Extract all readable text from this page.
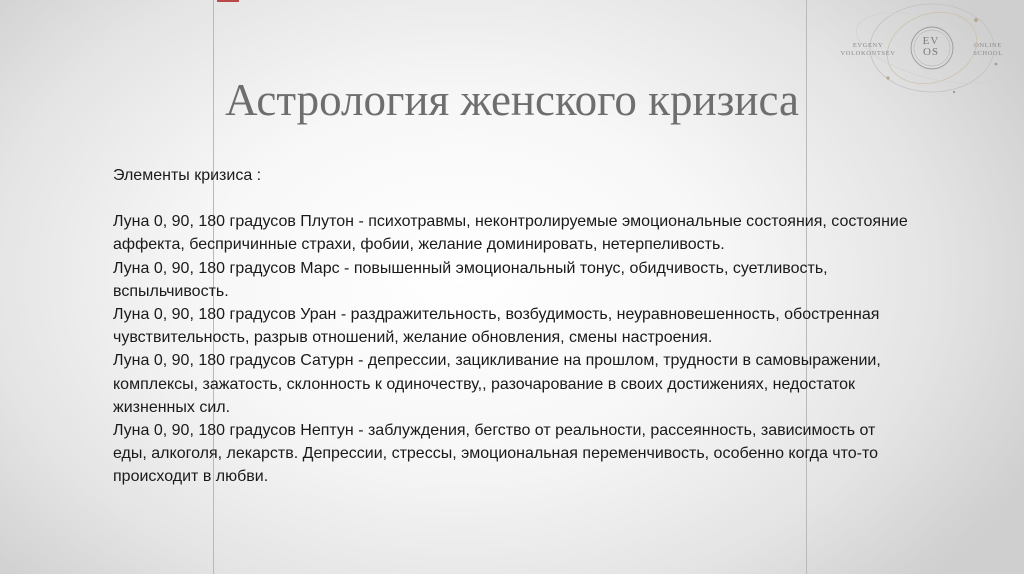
EVGENY
VOLOKONTSEV
EV
OS
ONLINE
SCHOOL
Астрология женского кризиса

Элементы кризиса :

Луна 0, 90, 180 градусов Плутон - психотравмы, неконтролируемые эмоциональные состояния, состояние аффекта, беспричинные страхи, фобии, желание доминировать, нетерпеливость.

Луна 0, 90, 180 градусов Марс - повышенный эмоциональный тонус, обидчивость, суетливость, вспыльчивость.

Луна 0, 90, 180 градусов Уран - раздражительность, возбудимость, неуравновешенность, обостренная чувствительность, разрыв отношений, желание обновления, смены настроения.

Луна 0, 90, 180 градусов Сатурн - депрессии, зацикливание на прошлом, трудности в самовыражении, комплексы, зажатость, склонность к одиночеству,, разочарование в своих достижениях, недостаток жизненных сил.

Луна 0, 90, 180 градусов Нептун - заблуждения, бегство от реальности, рассеянность, зависимость от еды, алкоголя, лекарств. Депрессии, стрессы, эмоциональная переменчивость, особенно когда что-то происходит в любви.
